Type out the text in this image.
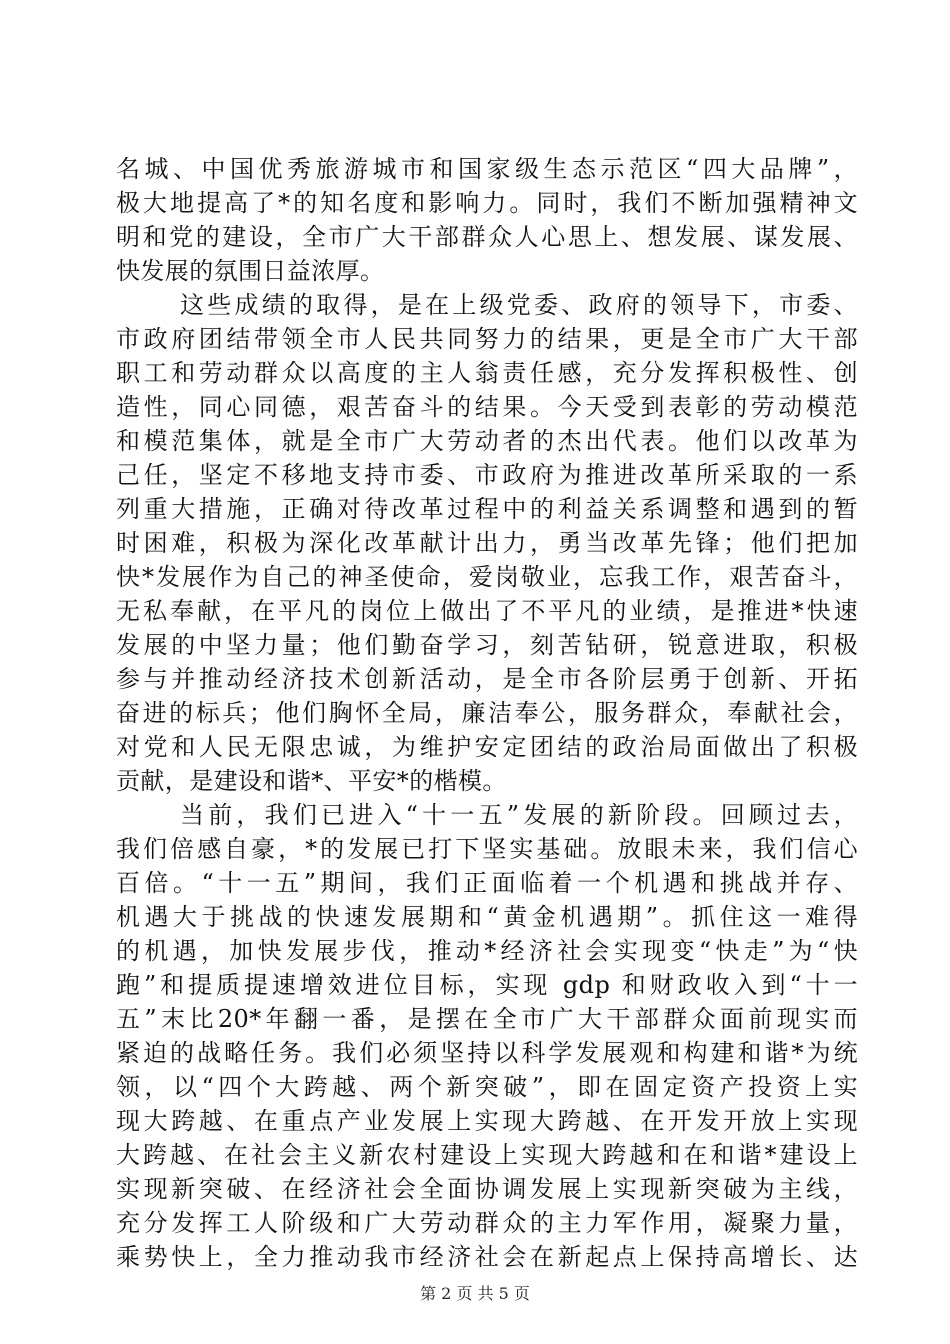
名城、中国优秀旅游城市和国家级生态示范区“四大品牌”，
极大地提高了*的知名度和影响力。同时，我们不断加强精神文
明和党的建设，全市广大干部群众人心思上、想发展、谋发展、
快发展的氛围日益浓厚。
这些成绩的取得，是在上级党委、政府的领导下，市委、
市政府团结带领全市人民共同努力的结果，更是全市广大干部
职工和劳动群众以高度的主人翁责任感，充分发挥积极性、创
造性，同心同德，艰苦奋斗的结果。今天受到表彰的劳动模范
和模范集体，就是全市广大劳动者的杰出代表。他们以改革为
己任，坚定不移地支持市委、市政府为推进改革所采取的一系
列重大措施，正确对待改革过程中的利益关系调整和遇到的暂
时困难，积极为深化改革献计出力，勇当改革先锋；他们把加
快*发展作为自己的神圣使命，爱岗敬业，忘我工作，艰苦奋斗，
无私奉献，在平凡的岗位上做出了不平凡的业绩，是推进*快速
发展的中坚力量；他们勤奋学习，刻苦钻研，锐意进取，积极
参与并推动经济技术创新活动，是全市各阶层勇于创新、开拓
奋进的标兵；他们胸怀全局，廉洁奉公，服务群众，奉献社会，
对党和人民无限忠诚，为维护安定团结的政治局面做出了积极
贡献，是建设和谐*、平安*的楷模。
当前，我们已进入“十一五”发展的新阶段。回顾过去，
我们倍感自豪，*的发展已打下坚实基础。放眼未来，我们信心
百倍。“十一五”期间，我们正面临着一个机遇和挑战并存、
机遇大于挑战的快速发展期和“黄金机遇期”。抓住这一难得
的机遇，加快发展步伐，推动*经济社会实现变“快走”为“快
跑”和提质提速增效进位目标，实现 gdp 和财政收入到“十一
五”末比20*年翻一番，是摆在全市广大干部群众面前现实而
紧迫的战略任务。我们必须坚持以科学发展观和构建和谐*为统
领，以“四个大跨越、两个新突破”，即在固定资产投资上实
现大跨越、在重点产业发展上实现大跨越、在开发开放上实现
大跨越、在社会主义新农村建设上实现大跨越和在和谐*建设上
实现新突破、在经济社会全面协调发展上实现新突破为主线，
充分发挥工人阶级和广大劳动群众的主力军作用，凝聚力量，
乘势快上，全力推动我市经济社会在新起点上保持高增长、达
第 2 页 共 5 页
